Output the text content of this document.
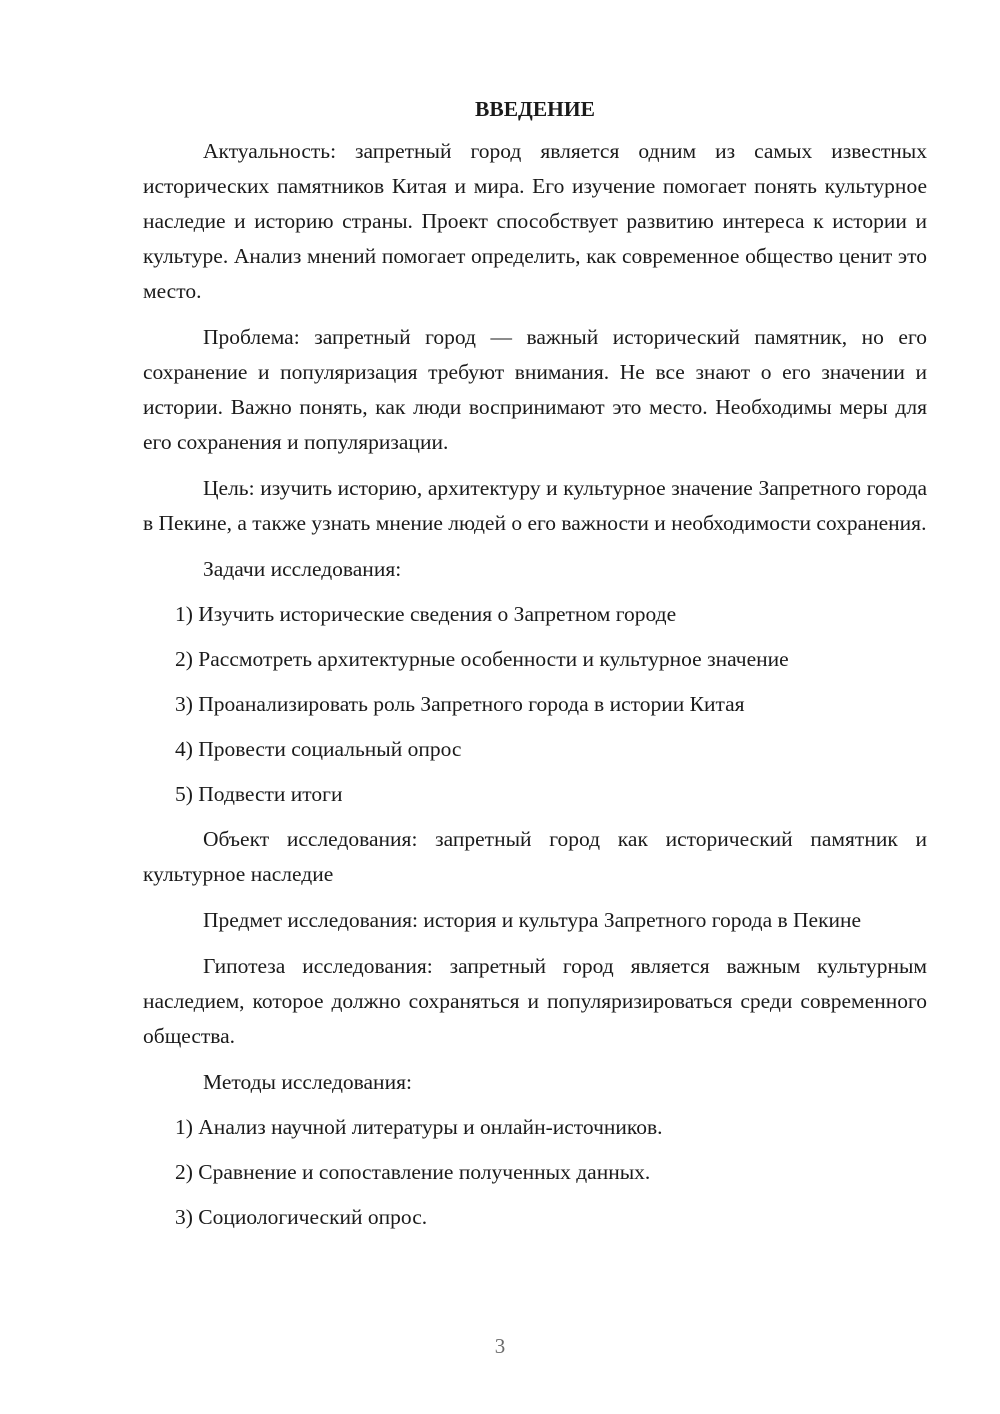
ВВЕДЕНИЕ

Актуальность: запретный город является одним из самых известных исторических памятников Китая и мира. Его изучение помогает понять культурное наследие и историю страны. Проект способствует развитию интереса к истории и культуре. Анализ мнений помогает определить, как современное общество ценит это место.

Проблема: запретный город — важный исторический памятник, но его сохранение и популяризация требуют внимания. Не все знают о его значении и истории. Важно понять, как люди воспринимают это место. Необходимы меры для его сохранения и популяризации.

Цель: изучить историю, архитектуру и культурное значение Запретного города в Пекине, а также узнать мнение людей о его важности и необходимости сохранения.

Задачи исследования:

1) Изучить исторические сведения о Запретном городе
2) Рассмотреть архитектурные особенности и культурное значение
3) Проанализировать роль Запретного города в истории Китая
4) Провести социальный опрос
5) Подвести итоги

Объект исследования: запретный город как исторический памятник и культурное наследие

Предмет исследования: история и культура Запретного города в Пекине

Гипотеза исследования: запретный город является важным культурным наследием, которое должно сохраняться и популяризироваться среди современного общества.

Методы исследования:

1) Анализ научной литературы и онлайн-источников.
2) Сравнение и сопоставление полученных данных.
3) Социологический опрос.
3
